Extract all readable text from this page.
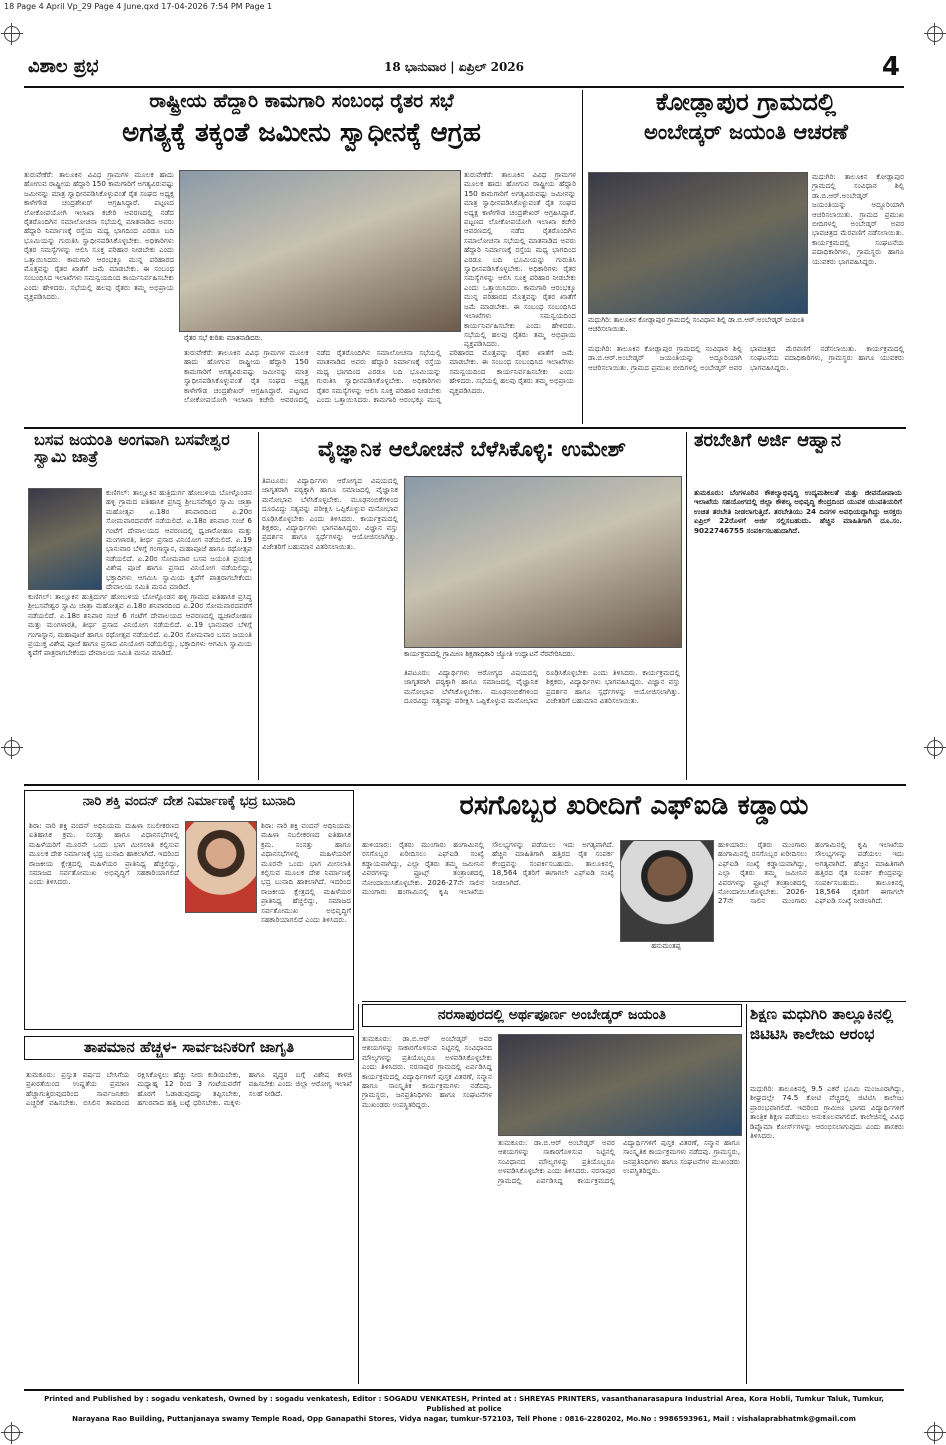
18 Page 4 April Vp_29 Page 4 June.qxd 17-04-2026 7:54 PM Page 1
ವಿಶಾಲ ಪ್ರಭ	18 ಭಾನುವಾರ | ಏಪ್ರಿಲ್ 2026	4
ರಾಷ್ಟ್ರೀಯ ಹೆದ್ದಾರಿ ಕಾಮಗಾರಿ ಸಂಬಂಧ ರೈತರ ಸಭೆ
ಅಗತ್ಯಕ್ಕೆ ತಕ್ಕಂತೆ ಜಮೀನು ಸ್ವಾಧೀನಕ್ಕೆ ಆಗ್ರಹ
ರೈತರ ಸಭೆ ಕುರಿತು ಮಾತನಾಡಿದರು.
ತುರುವೇಕೆರೆ: ತಾಲೂಕಿನ ವಿವಿಧ ಗ್ರಾಮಗಳ ಮೂಲಕ ಹಾದು ಹೋಗುವ ರಾಷ್ಟ್ರೀಯ ಹೆದ್ದಾರಿ 150 ಕಾಮಗಾರಿಗೆ ಅಗತ್ಯವಿರುವಷ್ಟು ಜಮೀನನ್ನು ಮಾತ್ರ ಸ್ವಾಧೀನಪಡಿಸಿಕೊಳ್ಳುವಂತೆ ರೈತ ಸಂಘದ ಅಧ್ಯಕ್ಷ ಕಾಳೇಗೌಡ ಚಂದ್ರಶೇಖರ್ ಆಗ್ರಹಿಸಿದ್ದಾರೆ. ಪಟ್ಟಣದ ಲೋಕೋಪಯೋಗಿ ಇಲಾಖಾ ಕಚೇರಿ ಆವರಣದಲ್ಲಿ ನಡೆದ ರೈತರೊಂದಿಗಿನ ಸಮಾಲೋಚನಾ ಸಭೆಯಲ್ಲಿ ಮಾತನಾಡಿದ ಅವರು ಹೆದ್ದಾರಿ ನಿರ್ಮಾಣಕ್ಕೆ ರಸ್ತೆಯ ಮಧ್ಯ ಭಾಗದಿಂದ ಎರಡೂ ಬದಿ ಭೂಮಿಯನ್ನು ಗುರುತಿಸಿ ಸ್ವಾಧೀನಪಡಿಸಿಕೊಳ್ಳಬೇಕು. ಅಧಿಕಾರಿಗಳು ರೈತರ ಸಮಸ್ಯೆಗಳನ್ನು ಆಲಿಸಿ ಸೂಕ್ತ ಪರಿಹಾರ ನೀಡಬೇಕು ಎಂದು ಒತ್ತಾಯಿಸಿದರು. ಕಾಮಗಾರಿ ಆರಂಭಕ್ಕೂ ಮುನ್ನ ಪರಿಹಾರದ ಮೊತ್ತವನ್ನು ರೈತರ ಖಾತೆಗೆ ಜಮೆ ಮಾಡಬೇಕು. ಈ ಸಂಬಂಧ ಸಂಬಂಧಿಸಿದ ಇಲಾಖೆಗಳು ಸಮನ್ವಯದಿಂದ ಕಾರ್ಯನಿರ್ವಹಿಸಬೇಕು ಎಂದು ಹೇಳಿದರು. ಸಭೆಯಲ್ಲಿ ಹಲವು ರೈತರು ತಮ್ಮ ಅಭಿಪ್ರಾಯ ವ್ಯಕ್ತಪಡಿಸಿದರು.
ತುರುವೇಕೆರೆ: ತಾಲೂಕಿನ ವಿವಿಧ ಗ್ರಾಮಗಳ ಮೂಲಕ ಹಾದು ಹೋಗುವ ರಾಷ್ಟ್ರೀಯ ಹೆದ್ದಾರಿ 150 ಕಾಮಗಾರಿಗೆ ಅಗತ್ಯವಿರುವಷ್ಟು ಜಮೀನನ್ನು ಮಾತ್ರ ಸ್ವಾಧೀನಪಡಿಸಿಕೊಳ್ಳುವಂತೆ ರೈತ ಸಂಘದ ಅಧ್ಯಕ್ಷ ಕಾಳೇಗೌಡ ಚಂದ್ರಶೇಖರ್ ಆಗ್ರಹಿಸಿದ್ದಾರೆ. ಪಟ್ಟಣದ ಲೋಕೋಪಯೋಗಿ ಇಲಾಖಾ ಕಚೇರಿ ಆವರಣದಲ್ಲಿ ನಡೆದ ರೈತರೊಂದಿಗಿನ ಸಮಾಲೋಚನಾ ಸಭೆಯಲ್ಲಿ ಮಾತನಾಡಿದ ಅವರು ಹೆದ್ದಾರಿ ನಿರ್ಮಾಣಕ್ಕೆ ರಸ್ತೆಯ ಮಧ್ಯ ಭಾಗದಿಂದ ಎರಡೂ ಬದಿ ಭೂಮಿಯನ್ನು ಗುರುತಿಸಿ ಸ್ವಾಧೀನಪಡಿಸಿಕೊಳ್ಳಬೇಕು. ಅಧಿಕಾರಿಗಳು ರೈತರ ಸಮಸ್ಯೆಗಳನ್ನು ಆಲಿಸಿ ಸೂಕ್ತ ಪರಿಹಾರ ನೀಡಬೇಕು ಎಂದು ಒತ್ತಾಯಿಸಿದರು. ಕಾಮಗಾರಿ ಆರಂಭಕ್ಕೂ ಮುನ್ನ ಪರಿಹಾರದ ಮೊತ್ತವನ್ನು ರೈತರ ಖಾತೆಗೆ ಜಮೆ ಮಾಡಬೇಕು. ಈ ಸಂಬಂಧ ಸಂಬಂಧಿಸಿದ ಇಲಾಖೆಗಳು ಸಮನ್ವಯದಿಂದ ಕಾರ್ಯನಿರ್ವಹಿಸಬೇಕು ಎಂದು ಹೇಳಿದರು. ಸಭೆಯಲ್ಲಿ ಹಲವು ರೈತರು ತಮ್ಮ ಅಭಿಪ್ರಾಯ ವ್ಯಕ್ತಪಡಿಸಿದರು.
ತುರುವೇಕೆರೆ: ತಾಲೂಕಿನ ವಿವಿಧ ಗ್ರಾಮಗಳ ಮೂಲಕ ಹಾದು ಹೋಗುವ ರಾಷ್ಟ್ರೀಯ ಹೆದ್ದಾರಿ 150 ಕಾಮಗಾರಿಗೆ ಅಗತ್ಯವಿರುವಷ್ಟು ಜಮೀನನ್ನು ಮಾತ್ರ ಸ್ವಾಧೀನಪಡಿಸಿಕೊಳ್ಳುವಂತೆ ರೈತ ಸಂಘದ ಅಧ್ಯಕ್ಷ ಕಾಳೇಗೌಡ ಚಂದ್ರಶೇಖರ್ ಆಗ್ರಹಿಸಿದ್ದಾರೆ. ಪಟ್ಟಣದ ಲೋಕೋಪಯೋಗಿ ಇಲಾಖಾ ಕಚೇರಿ ಆವರಣದಲ್ಲಿ ನಡೆದ ರೈತರೊಂದಿಗಿನ ಸಮಾಲೋಚನಾ ಸಭೆಯಲ್ಲಿ ಮಾತನಾಡಿದ ಅವರು ಹೆದ್ದಾರಿ ನಿರ್ಮಾಣಕ್ಕೆ ರಸ್ತೆಯ ಮಧ್ಯ ಭಾಗದಿಂದ ಎರಡೂ ಬದಿ ಭೂಮಿಯನ್ನು ಗುರುತಿಸಿ ಸ್ವಾಧೀನಪಡಿಸಿಕೊಳ್ಳಬೇಕು. ಅಧಿಕಾರಿಗಳು ರೈತರ ಸಮಸ್ಯೆಗಳನ್ನು ಆಲಿಸಿ ಸೂಕ್ತ ಪರಿಹಾರ ನೀಡಬೇಕು ಎಂದು ಒತ್ತಾಯಿಸಿದರು. ಕಾಮಗಾರಿ ಆರಂಭಕ್ಕೂ ಮುನ್ನ ಪರಿಹಾರದ ಮೊತ್ತವನ್ನು ರೈತರ ಖಾತೆಗೆ ಜಮೆ ಮಾಡಬೇಕು. ಈ ಸಂಬಂಧ ಸಂಬಂಧಿಸಿದ ಇಲಾಖೆಗಳು ಸಮನ್ವಯದಿಂದ ಕಾರ್ಯನಿರ್ವಹಿಸಬೇಕು ಎಂದು ಹೇಳಿದರು. ಸಭೆಯಲ್ಲಿ ಹಲವು ರೈತರು ತಮ್ಮ ಅಭಿಪ್ರಾಯ ವ್ಯಕ್ತಪಡಿಸಿದರು.
ಕೋಡ್ಲಾಪುರ ಗ್ರಾಮದಲ್ಲಿ
ಅಂಬೇಡ್ಕರ್ ಜಯಂತಿ ಆಚರಣೆ
ಮಧುಗಿರಿ: ತಾಲೂಕಿನ ಕೋಡ್ಲಾಪುರ ಗ್ರಾಮದಲ್ಲಿ ಸಂವಿಧಾನ ಶಿಲ್ಪಿ ಡಾ.ಬಿ.ಆರ್.ಅಂಬೇಡ್ಕರ್ ಜಯಂತಿ ಆಚರಿಸಲಾಯಿತು.
ಮಧುಗಿರಿ: ತಾಲೂಕಿನ ಕೋಡ್ಲಾಪುರ ಗ್ರಾಮದಲ್ಲಿ ಸಂವಿಧಾನ ಶಿಲ್ಪಿ ಡಾ.ಬಿ.ಆರ್.ಅಂಬೇಡ್ಕರ್ ಜಯಂತಿಯನ್ನು ಅದ್ದೂರಿಯಾಗಿ ಆಚರಿಸಲಾಯಿತು. ಗ್ರಾಮದ ಪ್ರಮುಖ ಬೀದಿಗಳಲ್ಲಿ ಅಂಬೇಡ್ಕರ್ ಅವರ ಭಾವಚಿತ್ರದ ಮೆರವಣಿಗೆ ನಡೆಸಲಾಯಿತು. ಕಾರ್ಯಕ್ರಮದಲ್ಲಿ ಸಂಘಟನೆಯ ಪದಾಧಿಕಾರಿಗಳು, ಗ್ರಾಮಸ್ಥರು ಹಾಗೂ ಯುವಕರು ಭಾಗವಹಿಸಿದ್ದರು.
ಮಧುಗಿರಿ: ತಾಲೂಕಿನ ಕೋಡ್ಲಾಪುರ ಗ್ರಾಮದಲ್ಲಿ ಸಂವಿಧಾನ ಶಿಲ್ಪಿ ಡಾ.ಬಿ.ಆರ್.ಅಂಬೇಡ್ಕರ್ ಜಯಂತಿಯನ್ನು ಅದ್ದೂರಿಯಾಗಿ ಆಚರಿಸಲಾಯಿತು. ಗ್ರಾಮದ ಪ್ರಮುಖ ಬೀದಿಗಳಲ್ಲಿ ಅಂಬೇಡ್ಕರ್ ಅವರ ಭಾವಚಿತ್ರದ ಮೆರವಣಿಗೆ ನಡೆಸಲಾಯಿತು. ಕಾರ್ಯಕ್ರಮದಲ್ಲಿ ಸಂಘಟನೆಯ ಪದಾಧಿಕಾರಿಗಳು, ಗ್ರಾಮಸ್ಥರು ಹಾಗೂ ಯುವಕರು ಭಾಗವಹಿಸಿದ್ದರು.
ಬಸವ ಜಯಂತಿ ಅಂಗವಾಗಿ ಬಸವೇಶ್ವರ ಸ್ವಾಮಿ ಜಾತ್ರೆ
ಕುಣಿಗಲ್: ತಾಲ್ಲೂಕಿನ ಹುತ್ರಿದುರ್ಗ ಹೋಬಳಿಯ ಬೋಳ್ಗೊಂಡನ ಹಳ್ಳಿ ಗ್ರಾಮದ ಐತಿಹಾಸಿಕ ಪ್ರಸಿದ್ಧ ಶ್ರೀಬಸವೇಶ್ವರ ಸ್ವಾಮಿ ಜಾತ್ರಾ ಮಹೋತ್ಸವ ಏ.18ರ ಶನಿವಾರದಿಂದ ಏ.20ರ ಸೋಮವಾರದವರೆಗೆ ನಡೆಯಲಿದೆ. ಏ.18ರ ಶನಿವಾರ ಸಂಜೆ 6 ಗಂಟೆಗೆ ದೇವಾಲಯದ ಆವರಣದಲ್ಲಿ ಧ್ವಜಾರೋಹಣ ಮತ್ತು ಮಂಗಳಾರತಿ, ತೀರ್ಥ ಪ್ರಸಾದ ವಿನಿಯೋಗ ನಡೆಯಲಿದೆ. ಏ.19 ಭಾನುವಾರ ಬೆಳಿಗ್ಗೆ ಗಂಗಾಸ್ನಾನ, ಮಹಾಪೂಜೆ ಹಾಗೂ ರಥೋತ್ಸವ ನಡೆಯಲಿದೆ. ಏ.20ರ ಸೋಮವಾರ ಬಸವ ಜಯಂತಿ ಪ್ರಯುಕ್ತ ವಿಶೇಷ ಪೂಜೆ ಹಾಗೂ ಪ್ರಸಾದ ವಿನಿಯೋಗ ನಡೆಯಲಿದ್ದು, ಭಕ್ತಾದಿಗಳು ಆಗಮಿಸಿ ಸ್ವಾಮಿಯ ಕೃಪೆಗೆ ಪಾತ್ರರಾಗಬೇಕೆಂದು ದೇವಾಲಯ ಸಮಿತಿ ಮನವಿ ಮಾಡಿದೆ.
ಕುಣಿಗಲ್: ತಾಲ್ಲೂಕಿನ ಹುತ್ರಿದುರ್ಗ ಹೋಬಳಿಯ ಬೋಳ್ಗೊಂಡನ ಹಳ್ಳಿ ಗ್ರಾಮದ ಐತಿಹಾಸಿಕ ಪ್ರಸಿದ್ಧ ಶ್ರೀಬಸವೇಶ್ವರ ಸ್ವಾಮಿ ಜಾತ್ರಾ ಮಹೋತ್ಸವ ಏ.18ರ ಶನಿವಾರದಿಂದ ಏ.20ರ ಸೋಮವಾರದವರೆಗೆ ನಡೆಯಲಿದೆ. ಏ.18ರ ಶನಿವಾರ ಸಂಜೆ 6 ಗಂಟೆಗೆ ದೇವಾಲಯದ ಆವರಣದಲ್ಲಿ ಧ್ವಜಾರೋಹಣ ಮತ್ತು ಮಂಗಳಾರತಿ, ತೀರ್ಥ ಪ್ರಸಾದ ವಿನಿಯೋಗ ನಡೆಯಲಿದೆ. ಏ.19 ಭಾನುವಾರ ಬೆಳಿಗ್ಗೆ ಗಂಗಾಸ್ನಾನ, ಮಹಾಪೂಜೆ ಹಾಗೂ ರಥೋತ್ಸವ ನಡೆಯಲಿದೆ. ಏ.20ರ ಸೋಮವಾರ ಬಸವ ಜಯಂತಿ ಪ್ರಯುಕ್ತ ವಿಶೇಷ ಪೂಜೆ ಹಾಗೂ ಪ್ರಸಾದ ವಿನಿಯೋಗ ನಡೆಯಲಿದ್ದು, ಭಕ್ತಾದಿಗಳು ಆಗಮಿಸಿ ಸ್ವಾಮಿಯ ಕೃಪೆಗೆ ಪಾತ್ರರಾಗಬೇಕೆಂದು ದೇವಾಲಯ ಸಮಿತಿ ಮನವಿ ಮಾಡಿದೆ.
ವೈಜ್ಞಾನಿಕ ಆಲೋಚನೆ ಬೆಳೆಸಿಕೊಳ್ಳಿ: ಉಮೇಶ್
ಕಾರ್ಯಕ್ರಮದಲ್ಲಿ ಗ್ರಾಮೀಣ ಶಿಕ್ಷಣಾಧಿಕಾರಿ ಜ್ಯೋತಿ ಉದ್ಘಾಟನೆ ನೆರವೇರಿಸಿದರು.
ತಿಪಟೂರು: ವಿದ್ಯಾರ್ಥಿಗಳು ಆರೋಗ್ಯದ ವಿಷಯದಲ್ಲಿ ಜಾಗೃತರಾಗಿ ಪಠ್ಯಕ್ಕಾಗಿ ಹಾಗೂ ಸಮಾಜದಲ್ಲಿ ವೈಜ್ಞಾನಿಕ ಮನೋಭಾವ ಬೆಳೆಸಿಕೊಳ್ಳಬೇಕು. ಮೂಢನಂಬಿಕೆಗಳಿಂದ ದೂರವಿದ್ದು ಸತ್ಯವನ್ನು ಪರೀಕ್ಷಿಸಿ ಒಪ್ಪಿಕೊಳ್ಳುವ ಮನೋಭಾವ ರೂಢಿಸಿಕೊಳ್ಳಬೇಕು ಎಂದು ತಿಳಿಸಿದರು. ಕಾರ್ಯಕ್ರಮದಲ್ಲಿ ಶಿಕ್ಷಕರು, ವಿದ್ಯಾರ್ಥಿಗಳು ಭಾಗವಹಿಸಿದ್ದರು. ವಿಜ್ಞಾನ ವಸ್ತು ಪ್ರದರ್ಶನ ಹಾಗೂ ಸ್ಪರ್ಧೆಗಳನ್ನು ಆಯೋಜಿಸಲಾಗಿತ್ತು. ವಿಜೇತರಿಗೆ ಬಹುಮಾನ ವಿತರಿಸಲಾಯಿತು.
ತಿಪಟೂರು: ವಿದ್ಯಾರ್ಥಿಗಳು ಆರೋಗ್ಯದ ವಿಷಯದಲ್ಲಿ ಜಾಗೃತರಾಗಿ ಪಠ್ಯಕ್ಕಾಗಿ ಹಾಗೂ ಸಮಾಜದಲ್ಲಿ ವೈಜ್ಞಾನಿಕ ಮನೋಭಾವ ಬೆಳೆಸಿಕೊಳ್ಳಬೇಕು. ಮೂಢನಂಬಿಕೆಗಳಿಂದ ದೂರವಿದ್ದು ಸತ್ಯವನ್ನು ಪರೀಕ್ಷಿಸಿ ಒಪ್ಪಿಕೊಳ್ಳುವ ಮನೋಭಾವ ರೂಢಿಸಿಕೊಳ್ಳಬೇಕು ಎಂದು ತಿಳಿಸಿದರು. ಕಾರ್ಯಕ್ರಮದಲ್ಲಿ ಶಿಕ್ಷಕರು, ವಿದ್ಯಾರ್ಥಿಗಳು ಭಾಗವಹಿಸಿದ್ದರು. ವಿಜ್ಞಾನ ವಸ್ತು ಪ್ರದರ್ಶನ ಹಾಗೂ ಸ್ಪರ್ಧೆಗಳನ್ನು ಆಯೋಜಿಸಲಾಗಿತ್ತು. ವಿಜೇತರಿಗೆ ಬಹುಮಾನ ವಿತರಿಸಲಾಯಿತು.
ತರಬೇತಿಗೆ ಅರ್ಜಿ ಆಹ್ವಾನ
ತುಮಕೂರು: ಬೆಂಗಳೂರಿನ ಕೌಶಲ್ಯಾಭಿವೃದ್ಧಿ ಉದ್ಯಮಶೀಲತೆ ಮತ್ತು ಜೀವನೋಪಾಯ ಇಲಾಖೆಯ ಸಹಯೋಗದಲ್ಲಿ ಜಿಲ್ಲಾ ಕೌಶಲ್ಯ ಅಭಿವೃದ್ಧಿ ಕೇಂದ್ರದಿಂದ ಯುವಕ ಯುವತಿಯರಿಗೆ ಉಚಿತ ತರಬೇತಿ ನೀಡಲಾಗುತ್ತಿದೆ. ತರಬೇತಿಯು 24 ದಿನಗಳ ಅವಧಿಯದ್ದಾಗಿದ್ದು ಆಸಕ್ತರು ಏಪ್ರಿಲ್ 22ರೊಳಗೆ ಅರ್ಜಿ ಸಲ್ಲಿಸಬಹುದು. ಹೆಚ್ಚಿನ ಮಾಹಿತಿಗಾಗಿ ದೂ.ಸಂ. 9022746755 ಸಂಪರ್ಕಿಸಬಹುದಾಗಿದೆ.
ನಾರಿ ಶಕ್ತಿ ವಂದನ್ ದೇಶ ನಿರ್ಮಾಣಕ್ಕೆ ಭದ್ರ ಬುನಾದಿ
ಶಿರಾ: ನಾರಿ ಶಕ್ತಿ ವಂದನ್ ಅಧಿನಿಯಮ ಮಹಿಳಾ ಸಬಲೀಕರಣದ ಐತಿಹಾಸಿಕ ಕ್ರಮ. ಸಂಸತ್ತು ಹಾಗೂ ವಿಧಾನಸಭೆಗಳಲ್ಲಿ ಮಹಿಳೆಯರಿಗೆ ಮೂರನೇ ಒಂದು ಭಾಗ ಮೀಸಲಾತಿ ಕಲ್ಪಿಸುವ ಮೂಲಕ ದೇಶ ನಿರ್ಮಾಣಕ್ಕೆ ಭದ್ರ ಬುನಾದಿ ಹಾಕಲಾಗಿದೆ. ಇದರಿಂದ ರಾಜಕೀಯ ಕ್ಷೇತ್ರದಲ್ಲಿ ಮಹಿಳೆಯರ ಪ್ರಾತಿನಿಧ್ಯ ಹೆಚ್ಚಲಿದ್ದು, ಸಮಾಜದ ಸರ್ವತೋಮುಖ ಅಭಿವೃದ್ಧಿಗೆ ಸಹಕಾರಿಯಾಗಲಿದೆ ಎಂದು ತಿಳಿಸಿದರು.
ಶಿರಾ: ನಾರಿ ಶಕ್ತಿ ವಂದನ್ ಅಧಿನಿಯಮ ಮಹಿಳಾ ಸಬಲೀಕರಣದ ಐತಿಹಾಸಿಕ ಕ್ರಮ. ಸಂಸತ್ತು ಹಾಗೂ ವಿಧಾನಸಭೆಗಳಲ್ಲಿ ಮಹಿಳೆಯರಿಗೆ ಮೂರನೇ ಒಂದು ಭಾಗ ಮೀಸಲಾತಿ ಕಲ್ಪಿಸುವ ಮೂಲಕ ದೇಶ ನಿರ್ಮಾಣಕ್ಕೆ ಭದ್ರ ಬುನಾದಿ ಹಾಕಲಾಗಿದೆ. ಇದರಿಂದ ರಾಜಕೀಯ ಕ್ಷೇತ್ರದಲ್ಲಿ ಮಹಿಳೆಯರ ಪ್ರಾತಿನಿಧ್ಯ ಹೆಚ್ಚಲಿದ್ದು, ಸಮಾಜದ ಸರ್ವತೋಮುಖ ಅಭಿವೃದ್ಧಿಗೆ ಸಹಕಾರಿಯಾಗಲಿದೆ ಎಂದು ತಿಳಿಸಿದರು.
ರಸಗೊಬ್ಬರ ಖರೀದಿಗೆ ಎಫ್‌ಐಡಿ ಕಡ್ಡಾಯ
ಹನುಮಂತಪ್ಪ
ಹುಳಿಯಾರು: ರೈತರು ಮುಂಗಾರು ಹಂಗಾಮಿನಲ್ಲಿ ರಸಗೊಬ್ಬರ ಖರೀದಿಸಲು ಎಫ್‌ಐಡಿ ಸಂಖ್ಯೆ ಕಡ್ಡಾಯವಾಗಿದ್ದು, ಎಲ್ಲಾ ರೈತರು ತಮ್ಮ ಜಮೀನಿನ ವಿವರಗಳನ್ನು ಫ್ರೂಟ್ಸ್ ತಂತ್ರಾಂಶದಲ್ಲಿ ನೋಂದಾಯಿಸಿಕೊಳ್ಳಬೇಕು. 2026-27ನೇ ಸಾಲಿನ ಮುಂಗಾರು ಹಂಗಾಮಿನಲ್ಲಿ ಕೃಷಿ ಇಲಾಖೆಯ ಸೌಲಭ್ಯಗಳನ್ನು ಪಡೆಯಲು ಇದು ಅಗತ್ಯವಾಗಿದೆ. ಹೆಚ್ಚಿನ ಮಾಹಿತಿಗಾಗಿ ಹತ್ತಿರದ ರೈತ ಸಂಪರ್ಕ ಕೇಂದ್ರವನ್ನು ಸಂಪರ್ಕಿಸಬಹುದು. ತಾಲೂಕಿನಲ್ಲಿ 18,564 ರೈತರಿಗೆ ಈಗಾಗಲೇ ಎಫ್‌ಐಡಿ ಸಂಖ್ಯೆ ನೀಡಲಾಗಿದೆ.
ಹುಳಿಯಾರು: ರೈತರು ಮುಂಗಾರು ಹಂಗಾಮಿನಲ್ಲಿ ರಸಗೊಬ್ಬರ ಖರೀದಿಸಲು ಎಫ್‌ಐಡಿ ಸಂಖ್ಯೆ ಕಡ್ಡಾಯವಾಗಿದ್ದು, ಎಲ್ಲಾ ರೈತರು ತಮ್ಮ ಜಮೀನಿನ ವಿವರಗಳನ್ನು ಫ್ರೂಟ್ಸ್ ತಂತ್ರಾಂಶದಲ್ಲಿ ನೋಂದಾಯಿಸಿಕೊಳ್ಳಬೇಕು. 2026-27ನೇ ಸಾಲಿನ ಮುಂಗಾರು ಹಂಗಾಮಿನಲ್ಲಿ ಕೃಷಿ ಇಲಾಖೆಯ ಸೌಲಭ್ಯಗಳನ್ನು ಪಡೆಯಲು ಇದು ಅಗತ್ಯವಾಗಿದೆ. ಹೆಚ್ಚಿನ ಮಾಹಿತಿಗಾಗಿ ಹತ್ತಿರದ ರೈತ ಸಂಪರ್ಕ ಕೇಂದ್ರವನ್ನು ಸಂಪರ್ಕಿಸಬಹುದು. ತಾಲೂಕಿನಲ್ಲಿ 18,564 ರೈತರಿಗೆ ಈಗಾಗಲೇ ಎಫ್‌ಐಡಿ ಸಂಖ್ಯೆ ನೀಡಲಾಗಿದೆ.
ತಾಪಮಾನ ಹೆಚ್ಚಳ- ಸಾರ್ವಜನಿಕರಿಗೆ ಜಾಗೃತಿ
ತುಮಕೂರು: ಪ್ರಸ್ತುತ ವರ್ಷದ ಬೇಸಿಗೆಯ ಪ್ರಖರತೆಯಿಂದ ಉಷ್ಣತೆಯ ಪ್ರಮಾಣ ಹೆಚ್ಚಾಗುತ್ತಿರುವುದರಿಂದ ಸಾರ್ವಜನಿಕರು ಎಚ್ಚರಿಕೆ ವಹಿಸಬೇಕು. ಬಿಸಿಲಿನ ತಾಪದಿಂದ ರಕ್ಷಿಸಿಕೊಳ್ಳಲು ಹೆಚ್ಚು ನೀರು ಕುಡಿಯಬೇಕು, ಮಧ್ಯಾಹ್ನ 12 ರಿಂದ 3 ಗಂಟೆಯವರೆಗೆ ಹೊರಗೆ ಓಡಾಡುವುದನ್ನು ತಪ್ಪಿಸಬೇಕು, ಹಗುರವಾದ ಹತ್ತಿ ಬಟ್ಟೆ ಧರಿಸಬೇಕು. ಮಕ್ಕಳು ಹಾಗೂ ವೃದ್ಧರ ಬಗ್ಗೆ ವಿಶೇಷ ಕಾಳಜಿ ವಹಿಸಬೇಕು ಎಂದು ಜಿಲ್ಲಾ ಆರೋಗ್ಯ ಇಲಾಖೆ ಸಲಹೆ ನೀಡಿದೆ.
ನರಸಾಪುರದಲ್ಲಿ ಅರ್ಥಪೂರ್ಣ ಅಂಬೇಡ್ಕರ್ ಜಯಂತಿ
ತುಮಕೂರು: ಡಾ.ಬಿ.ಆರ್ ಅಂಬೇಡ್ಕರ್ ಅವರ ಆಶಯಗಳನ್ನು ಸಾಕಾರಗೊಳಿಸುವ ನಿಟ್ಟಿನಲ್ಲಿ ಸಂವಿಧಾನದ ಮೌಲ್ಯಗಳನ್ನು ಪ್ರತಿಯೊಬ್ಬರೂ ಅಳವಡಿಸಿಕೊಳ್ಳಬೇಕು ಎಂದು ತಿಳಿಸಿದರು. ನರಸಾಪುರ ಗ್ರಾಮದಲ್ಲಿ ಏರ್ಪಡಿಸಿದ್ದ ಕಾರ್ಯಕ್ರಮದಲ್ಲಿ ವಿದ್ಯಾರ್ಥಿಗಳಿಗೆ ಪುಸ್ತಕ ವಿತರಣೆ, ಸನ್ಮಾನ ಹಾಗೂ ಸಾಂಸ್ಕೃತಿಕ ಕಾರ್ಯಕ್ರಮಗಳು ನಡೆದವು. ಗ್ರಾಮಸ್ಥರು, ಜನಪ್ರತಿನಿಧಿಗಳು ಹಾಗೂ ಸಂಘಟನೆಗಳ ಮುಖಂಡರು ಉಪಸ್ಥಿತರಿದ್ದರು.
ತುಮಕೂರು: ಡಾ.ಬಿ.ಆರ್ ಅಂಬೇಡ್ಕರ್ ಅವರ ಆಶಯಗಳನ್ನು ಸಾಕಾರಗೊಳಿಸುವ ನಿಟ್ಟಿನಲ್ಲಿ ಸಂವಿಧಾನದ ಮೌಲ್ಯಗಳನ್ನು ಪ್ರತಿಯೊಬ್ಬರೂ ಅಳವಡಿಸಿಕೊಳ್ಳಬೇಕು ಎಂದು ತಿಳಿಸಿದರು. ನರಸಾಪುರ ಗ್ರಾಮದಲ್ಲಿ ಏರ್ಪಡಿಸಿದ್ದ ಕಾರ್ಯಕ್ರಮದಲ್ಲಿ ವಿದ್ಯಾರ್ಥಿಗಳಿಗೆ ಪುಸ್ತಕ ವಿತರಣೆ, ಸನ್ಮಾನ ಹಾಗೂ ಸಾಂಸ್ಕೃತಿಕ ಕಾರ್ಯಕ್ರಮಗಳು ನಡೆದವು. ಗ್ರಾಮಸ್ಥರು, ಜನಪ್ರತಿನಿಧಿಗಳು ಹಾಗೂ ಸಂಘಟನೆಗಳ ಮುಖಂಡರು ಉಪಸ್ಥಿತರಿದ್ದರು.
ಶಿಕ್ಷಣ ಮಧುಗಿರಿ ತಾಲ್ಲೂಕಿನಲ್ಲಿ ಜಿಟಿಟಿಸಿ ಕಾಲೇಜು ಆರಂಭ
ಮಧುಗಿರಿ: ತಾಲೂಕಿನಲ್ಲಿ 9.5 ಎಕರೆ ಭೂಮಿ ಮಂಜೂರಾಗಿದ್ದು, ಶೀಘ್ರದಲ್ಲೇ 74.5 ಕೋಟಿ ವೆಚ್ಚದಲ್ಲಿ ಜಿಟಿಟಿಸಿ ಕಾಲೇಜು ಪ್ರಾರಂಭವಾಗಲಿದೆ. ಇದರಿಂದ ಗ್ರಾಮೀಣ ಭಾಗದ ವಿದ್ಯಾರ್ಥಿಗಳಿಗೆ ತಾಂತ್ರಿಕ ಶಿಕ್ಷಣ ಪಡೆಯಲು ಅನುಕೂಲವಾಗಲಿದೆ. ಕಾಲೇಜಿನಲ್ಲಿ ವಿವಿಧ ಡಿಪ್ಲೊಮಾ ಕೋರ್ಸ್‌ಗಳನ್ನು ಆರಂಭಿಸಲಾಗುವುದು ಎಂದು ಶಾಸಕರು ತಿಳಿಸಿದರು.
Printed and Published by : sogadu venkatesh, Owned by : sogadu venkatesh, Editor : SOGADU VENKATESH, Printed at : SHREYAS PRINTERS, vasanthanarasapura Industrial Area, Kora Hobli, Tumkur Taluk, Tumkur, Published at police
Narayana Rao Building, Puttanjanaya swamy Temple Road, Opp Ganapathi Stores, Vidya nagar, tumkur-572103, Tell Phone : 0816-2280202, Mo.No : 9986593961, Mail : vishalaprabhatmk@gmail.com
